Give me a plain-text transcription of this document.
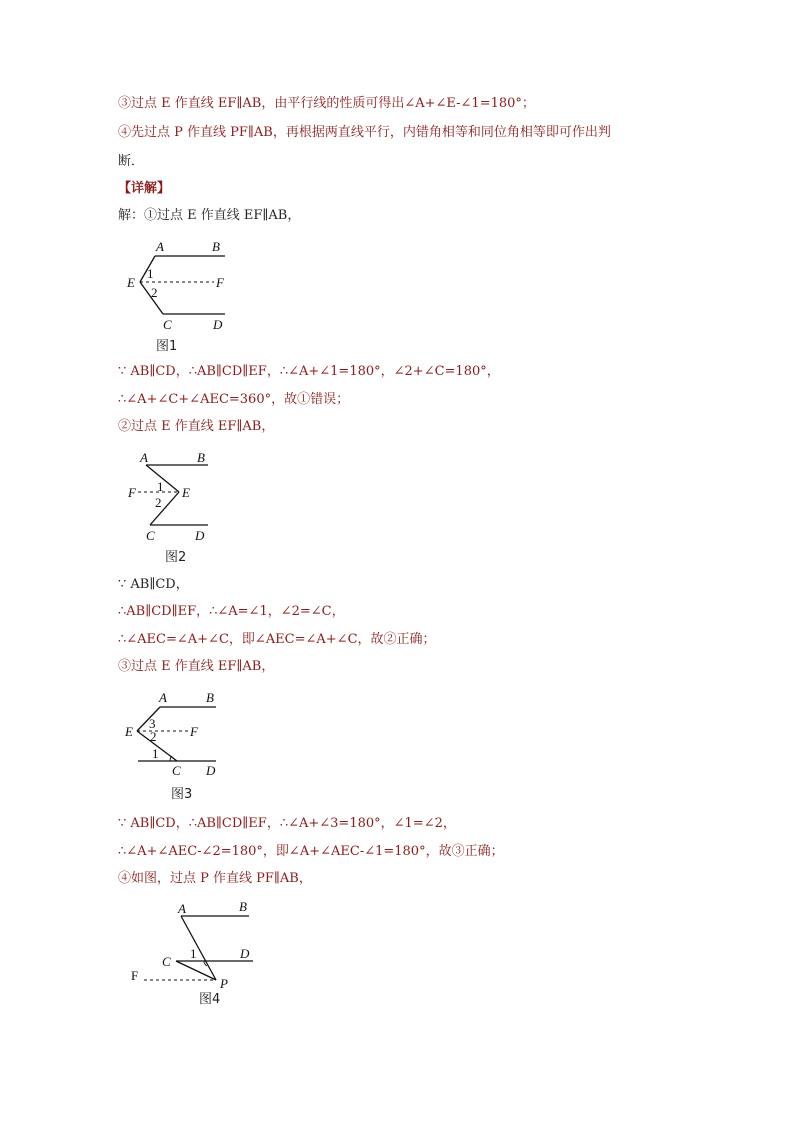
③过点 E 作直线 EF∥AB，由平行线的性质可得出∠A+∠E-∠1=180°；
④先过点 P 作直线 PF∥AB，再根据两直线平行，内错角相等和同位角相等即可作出判
断．
【详解】
解：①过点 E 作直线 EF∥AB，
A	B
E	F
C	D
1
2
图1
∵ AB∥CD，∴AB∥CD∥EF，∴∠A+∠1=180°，∠2+∠C=180°，
∴∠A+∠C+∠AEC=360°，故①错误；
②过点 E 作直线 EF∥AB，
A	B
F	E
C	D
1
2
图2
∵ AB∥CD，
∴AB∥CD∥EF，∴∠A=∠1，∠2=∠C，
∴∠AEC=∠A+∠C，即∠AEC=∠A+∠C，故②正确；
③过点 E 作直线 EF∥AB，
A	B
E	F
C D
3
2
1
图3
∵ AB∥CD，∴AB∥CD∥EF，∴∠A+∠3=180°，∠1=∠2，
∴∠A+∠AEC-∠2=180°，即∠A+∠AEC-∠1=180°，故③正确；
④如图，过点 P 作直线 PF∥AB，
A	B
C
D
1
P
F
图4
